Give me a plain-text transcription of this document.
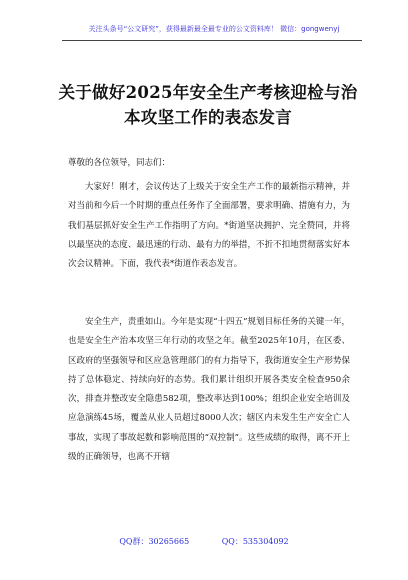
关注头条号“公文研究”，获得最新最全最专业的公文资料库！ 微信：gongwenyj
关于做好2025年安全生产考核迎检与治本攻坚工作的表态发言
尊敬的各位领导，同志们：
大家好！刚才，会议传达了上级关于安全生产工作的最新指示精神，并对当前和今后一个时期的重点任务作了全面部署，要求明确、措施有力，为我们基层抓好安全生产工作指明了方向。*街道坚决拥护、完全赞同，并将以最坚决的态度、最迅速的行动、最有力的举措，不折不扣地贯彻落实好本次会议精神。下面，我代表*街道作表态发言。
安全生产，责重如山。今年是实现“十四五”规划目标任务的关键一年，也是安全生产治本攻坚三年行动的攻坚之年。截至2025年10月，在区委、区政府的坚强领导和区应急管理部门的有力指导下，我街道安全生产形势保持了总体稳定、持续向好的态势。我们累计组织开展各类安全检查950余次，排查并整改安全隐患582项，整改率达到100%；组织企业安全培训及应急演练45场，覆盖从业人员超过8000人次；辖区内未发生生产安全亡人事故，实现了事故起数和影响范围的“双控制”。这些成绩的取得，离不开上级的正确领导，也离不开辖
QQ群：30265665	QQ：535304092
